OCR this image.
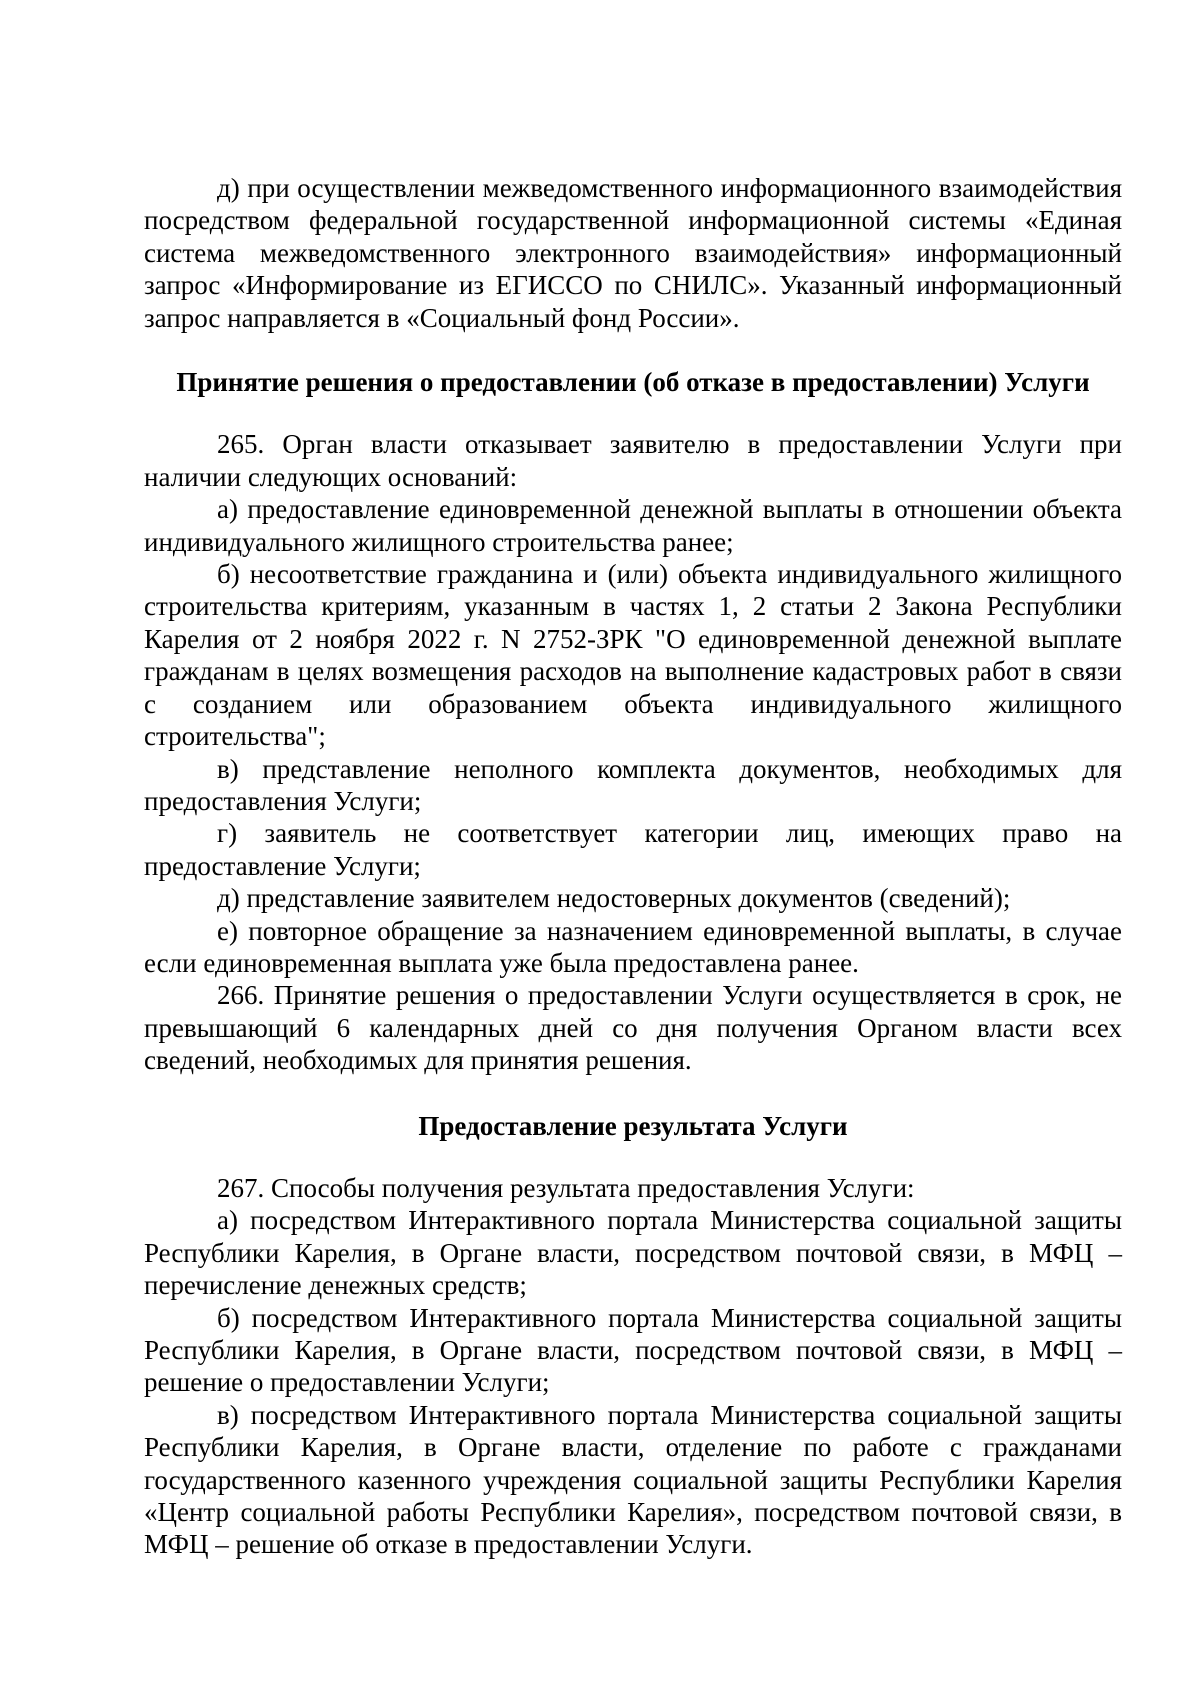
д) при осуществлении межведомственного информационного взаимодействия посредством федеральной государственной информационной системы «Единая система межведомственного электронного взаимодействия» информационный запрос «Информирование из ЕГИССО по СНИЛС». Указанный информационный запрос направляется в «Социальный фонд России».

Принятие решения о предоставлении (об отказе в предоставлении) Услуги

265. Орган власти отказывает заявителю в предоставлении Услуги при наличии следующих оснований:

а) предоставление единовременной денежной выплаты в отношении объекта индивидуального жилищного строительства ранее;

б) несоответствие гражданина и (или) объекта индивидуального жилищного строительства критериям, указанным в частях 1, 2 статьи 2 Закона Республики Карелия от 2 ноября 2022 г. N 2752-ЗРК "О единовременной денежной выплате гражданам в целях возмещения расходов на выполнение кадастровых работ в связи с созданием или образованием объекта индивидуального жилищного строительства";

в) представление неполного комплекта документов, необходимых для предоставления Услуги;

г) заявитель не соответствует категории лиц, имеющих право на предоставление Услуги;

д) представление заявителем недостоверных документов (сведений);

е) повторное обращение за назначением единовременной выплаты, в случае если единовременная выплата уже была предоставлена ранее.

266. Принятие решения о предоставлении Услуги осуществляется в срок, не превышающий 6 календарных дней со дня получения Органом власти всех сведений, необходимых для принятия решения.

Предоставление результата Услуги

267. Способы получения результата предоставления Услуги:

а) посредством Интерактивного портала Министерства социальной защиты Республики Карелия, в Органе власти, посредством почтовой связи, в МФЦ – перечисление денежных средств;

б) посредством Интерактивного портала Министерства социальной защиты Республики Карелия, в Органе власти, посредством почтовой связи, в МФЦ – решение о предоставлении Услуги;

в) посредством Интерактивного портала Министерства социальной защиты Республики Карелия, в Органе власти, отделение по работе с гражданами государственного казенного учреждения социальной защиты Республики Карелия «Центр социальной работы Республики Карелия», посредством почтовой связи, в МФЦ – решение об отказе в предоставлении Услуги.
